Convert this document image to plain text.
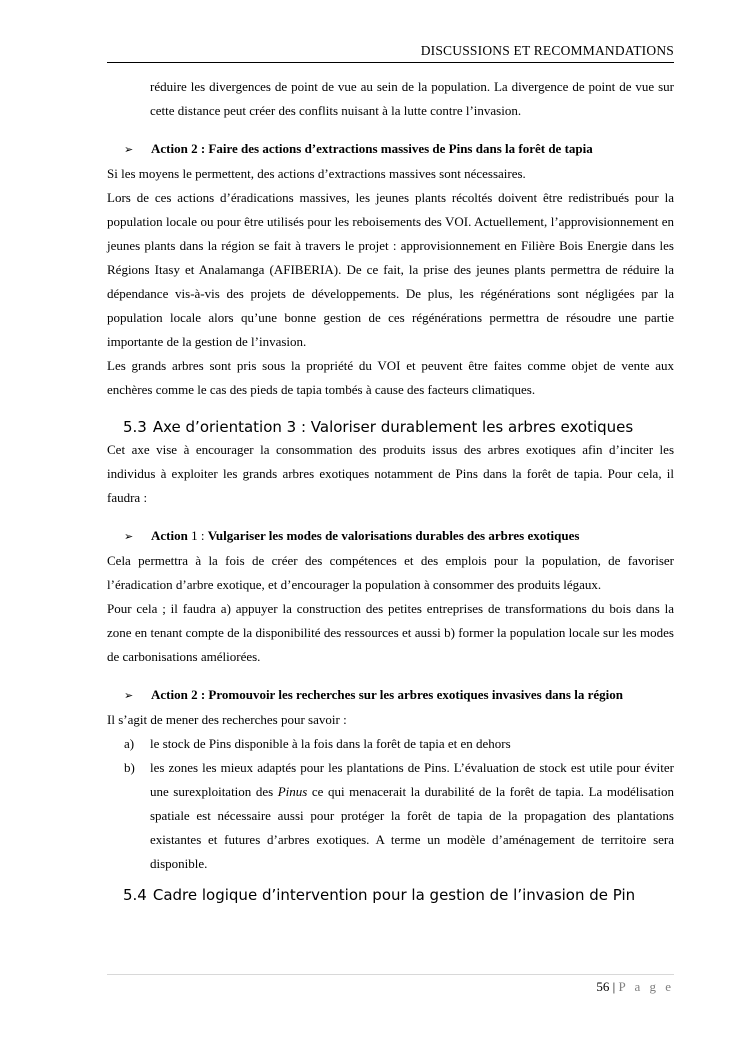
DISCUSSIONS ET RECOMMANDATIONS

réduire les divergences de point de vue au sein de la population. La divergence de point de vue sur cette distance peut créer des conflits nuisant à la lutte contre l’invasion.

➢ Action 2 : Faire des actions d’extractions massives de Pins dans la forêt de tapia

Si les moyens le permettent, des actions d’extractions massives sont nécessaires.

Lors de ces actions d’éradications massives, les jeunes plants récoltés doivent être redistribués pour la population locale ou pour être utilisés pour les reboisements des VOI. Actuellement, l’approvisionnement en jeunes plants dans la région se fait à travers le projet : approvisionnement en Filière Bois Energie dans les Régions Itasy et Analamanga (AFIBERIA). De ce fait, la prise des jeunes plants permettra de réduire la dépendance vis-à-vis des projets de développements. De plus, les régénérations sont négligées par la population locale alors qu’une bonne gestion de ces régénérations permettra de résoudre une partie importante de la gestion de l’invasion.

Les grands arbres sont pris sous la propriété du VOI et peuvent être faites comme objet de vente aux enchères comme le cas des pieds de tapia tombés à cause des facteurs climatiques.

5.3 Axe d’orientation 3 : Valoriser durablement les arbres exotiques

Cet axe vise à encourager la consommation des produits issus des arbres exotiques afin d’inciter les individus à exploiter les grands arbres exotiques notamment de Pins dans la forêt de tapia. Pour cela, il faudra :

➢ Action 1 : Vulgariser les modes de valorisations durables des arbres exotiques

Cela permettra à la fois de créer des compétences et des emplois pour la population, de favoriser l’éradication d’arbre exotique, et d’encourager la population à consommer des produits légaux.

Pour cela ; il faudra a) appuyer la construction des petites entreprises de transformations du bois dans la zone en tenant compte de la disponibilité des ressources et aussi b) former la population locale sur les modes de carbonisations améliorées.

➢ Action 2 : Promouvoir les recherches sur les arbres exotiques invasives dans la région

Il s’agit de mener des recherches pour savoir :

a) le stock de Pins disponible à la fois dans la forêt de tapia et en dehors
b) les zones les mieux adaptés pour les plantations de Pins. L’évaluation de stock est utile pour éviter une surexploitation des Pinus ce qui menacerait la durabilité de la forêt de tapia. La modélisation spatiale est nécessaire aussi pour protéger la forêt de tapia de la propagation des plantations existantes et futures d’arbres exotiques. A terme un modèle d’aménagement de territoire sera disponible.
5.4 Cadre logique d’intervention pour la gestion de l’invasion de Pin
56 | P a g e
